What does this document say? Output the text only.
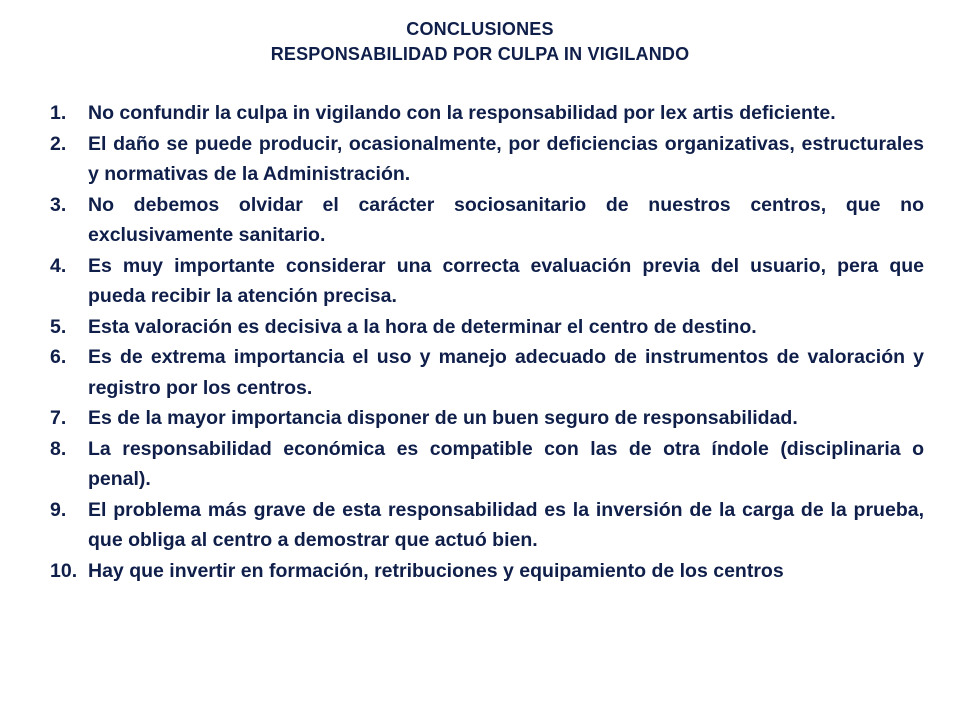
CONCLUSIONES
RESPONSABILIDAD POR CULPA IN VIGILANDO
1.	No confundir la culpa in vigilando con la responsabilidad por lex artis deficiente.
2.	El daño se puede producir, ocasionalmente, por deficiencias organizativas, estructurales y normativas de la Administración.
3.	No debemos olvidar el carácter sociosanitario de nuestros centros, que no exclusivamente sanitario.
4.	Es muy importante considerar una correcta evaluación previa del usuario, pera que pueda recibir la atención precisa.
5.	Esta valoración es decisiva a la hora de determinar el centro de destino.
6.	Es de extrema importancia el uso y manejo adecuado de instrumentos de valoración y registro por los centros.
7.	Es de la mayor importancia disponer de un buen seguro de responsabilidad.
8.	La responsabilidad económica es compatible con las de otra índole (disciplinaria o penal).
9.	El problema más grave de esta responsabilidad es la inversión de la carga de la prueba, que obliga al centro a demostrar que actuó bien.
10. Hay que invertir en formación, retribuciones y equipamiento de los centros
